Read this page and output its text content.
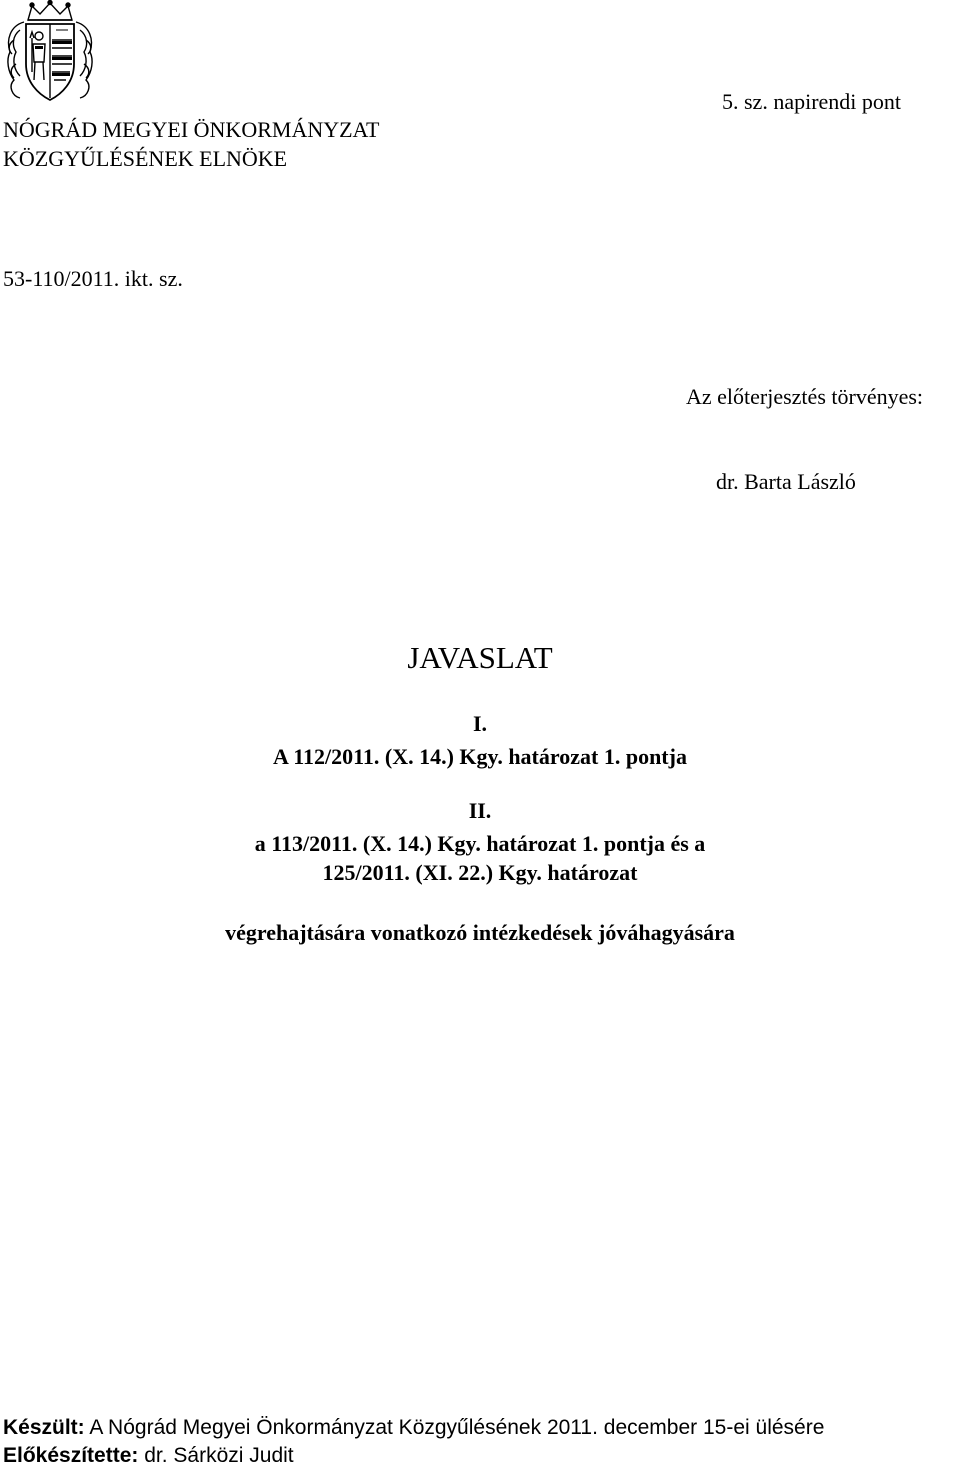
NÓGRÁD MEGYEI ÖNKORMÁNYZAT
KÖZGYŰLÉSÉNEK ELNÖKE
5. sz. napirendi pont
53-110/2011. ikt. sz.
Az előterjesztés törvényes:
dr. Barta László
JAVASLAT
I.
A 112/2011. (X. 14.) Kgy. határozat 1. pontja
II.
a 113/2011. (X. 14.) Kgy. határozat 1. pontja és a
125/2011. (XI. 22.) Kgy. határozat
végrehajtására vonatkozó intézkedések jóváhagyására
Készült: A Nógrád Megyei Önkormányzat Közgyűlésének 2011. december 15-ei ülésére
Előkészítette: dr. Sárközi Judit
